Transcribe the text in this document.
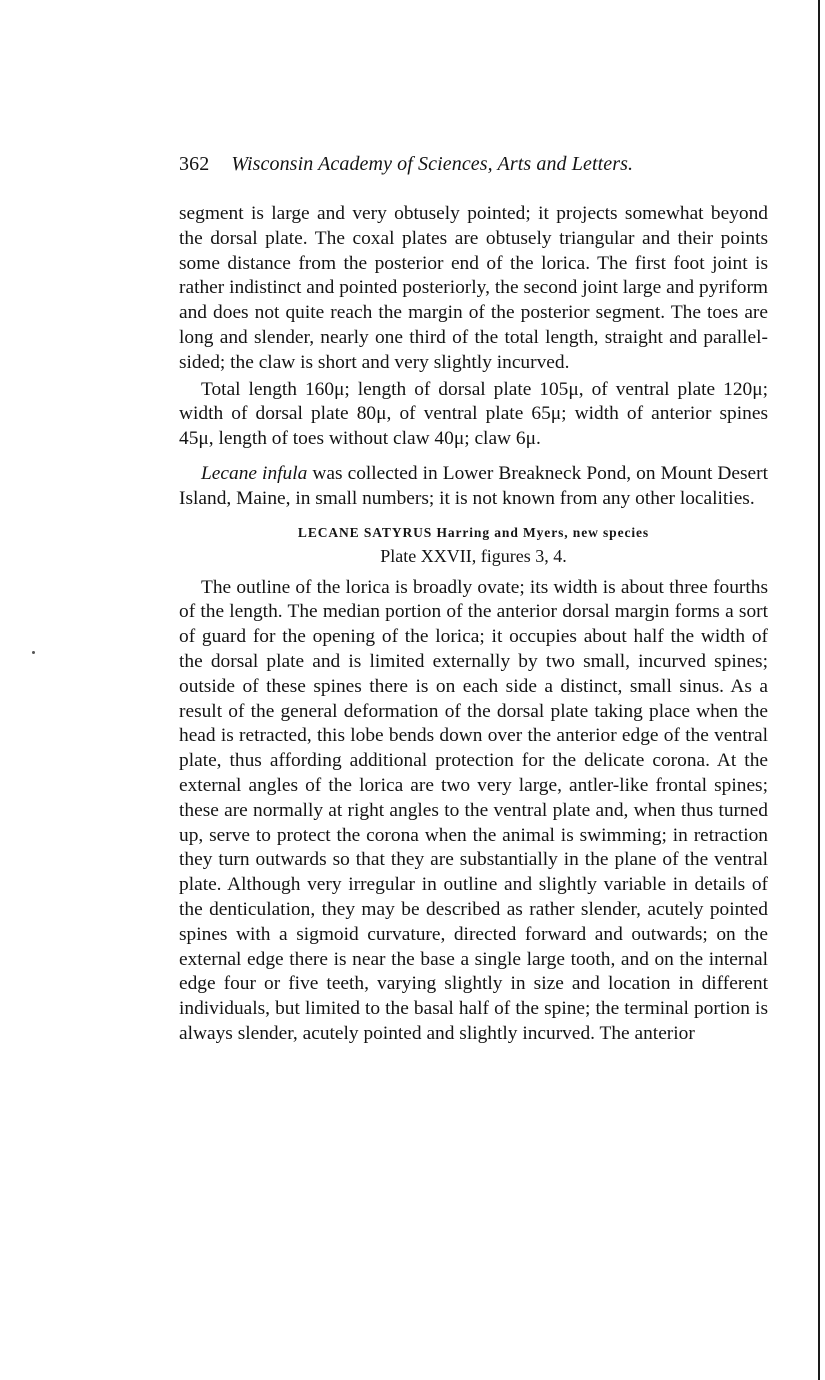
362 Wisconsin Academy of Sciences, Arts and Letters.

segment is large and very obtusely pointed; it projects somewhat beyond the dorsal plate. The coxal plates are obtusely triangular and their points some distance from the posterior end of the lorica. The first foot joint is rather indistinct and pointed posteriorly, the second joint large and pyriform and does not quite reach the margin of the posterior segment. The toes are long and slender, nearly one third of the total length, straight and parallel-sided; the claw is short and very slightly incurved.

Total length 160μ; length of dorsal plate 105μ, of ventral plate 120μ; width of dorsal plate 80μ, of ventral plate 65μ; width of anterior spines 45μ, length of toes without claw 40μ; claw 6μ.

Lecane infula was collected in Lower Breakneck Pond, on Mount Desert Island, Maine, in small numbers; it is not known from any other localities.

LECANE SATYRUS Harring and Myers, new species

Plate XXVII, figures 3, 4.

The outline of the lorica is broadly ovate; its width is about three fourths of the length. The median portion of the anterior dorsal margin forms a sort of guard for the opening of the lorica; it occupies about half the width of the dorsal plate and is limited externally by two small, incurved spines; outside of these spines there is on each side a distinct, small sinus. As a result of the general deformation of the dorsal plate taking place when the head is retracted, this lobe bends down over the anterior edge of the ventral plate, thus affording additional protection for the delicate corona. At the external angles of the lorica are two very large, antler-like frontal spines; these are normally at right angles to the ventral plate and, when thus turned up, serve to protect the corona when the animal is swimming; in retraction they turn outwards so that they are substantially in the plane of the ventral plate. Although very irregular in outline and slightly variable in details of the denticulation, they may be described as rather slender, acutely pointed spines with a sigmoid curvature, directed forward and outwards; on the external edge there is near the base a single large tooth, and on the internal edge four or five teeth, varying slightly in size and location in different individuals, but limited to the basal half of the spine; the terminal portion is always slender, acutely pointed and slightly incurved. The anterior
